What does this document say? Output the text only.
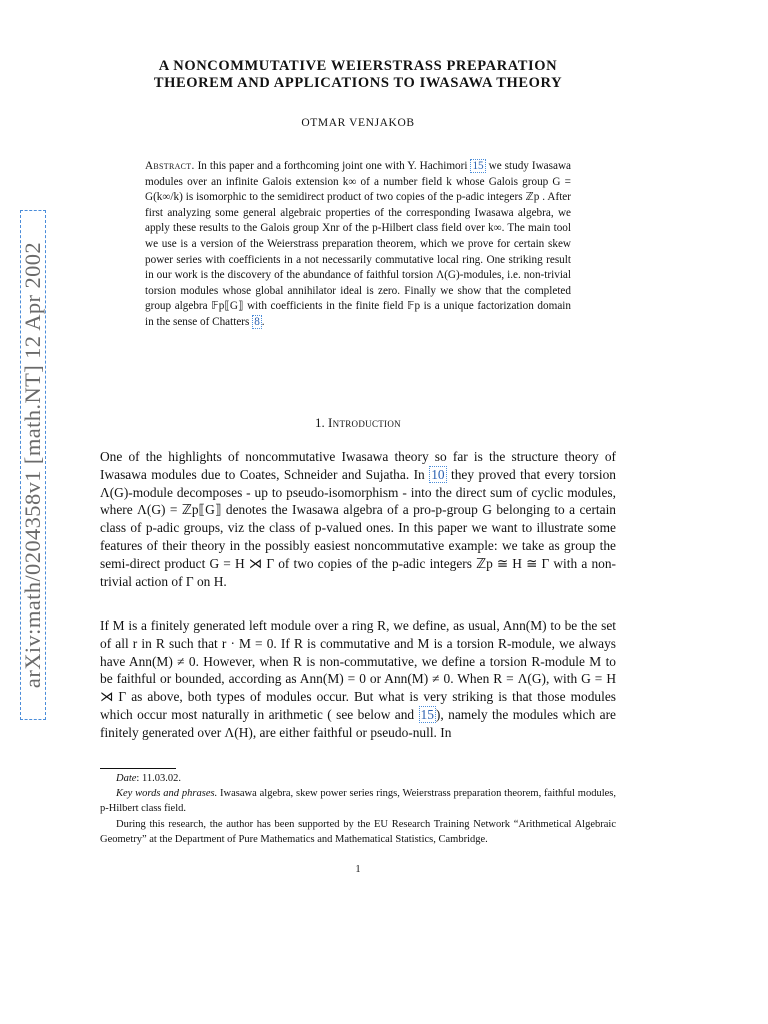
arXiv:math/0204358v1 [math.NT] 12 Apr 2002
A NONCOMMUTATIVE WEIERSTRASS PREPARATION
THEOREM AND APPLICATIONS TO IWASAWA THEORY
OTMAR VENJAKOB
Abstract. In this paper and a forthcoming joint one with Y. Hachimori 15 we study Iwasawa modules over an infinite Galois extension k∞ of a number field k whose Galois group G = G(k∞/k) is isomorphic to the semidirect product of two copies of the p-adic integers ℤp . After first analyzing some general algebraic properties of the corresponding Iwasawa algebra, we apply these results to the Galois group Xnr of the p-Hilbert class field over k∞. The main tool we use is a version of the Weierstrass preparation theorem, which we prove for certain skew power series with coefficients in a not necessarily commutative local ring. One striking result in our work is the discovery of the abundance of faithful torsion Λ(G)-modules, i.e. non-trivial torsion modules whose global annihilator ideal is zero. Finally we show that the completed group algebra 𝔽p⟦G⟧ with coefficients in the finite field 𝔽p is a unique factorization domain in the sense of Chatters 8 .
1. Introduction

One of the highlights of noncommutative Iwasawa theory so far is the structure theory of Iwasawa modules due to Coates, Schneider and Sujatha. In 10 they proved that every torsion Λ(G)-module decomposes - up to pseudo-isomorphism - into the direct sum of cyclic modules, where Λ(G) = ℤp⟦G⟧ denotes the Iwasawa algebra of a pro-p-group G belonging to a certain class of p-adic groups, viz the class of p-valued ones. In this paper we want to illustrate some features of their theory in the possibly easiest noncommutative example: we take as group the semi-direct product G = H ⋊ Γ of two copies of the p-adic integers ℤp ≅ H ≅ Γ with a non-trivial action of Γ on H.

If M is a finitely generated left module over a ring R, we define, as usual, Ann(M) to be the set of all r in R such that r · M = 0. If R is commutative and M is a torsion R-module, we always have Ann(M) ≠ 0. However, when R is non-commutative, we define a torsion R-module M to be faithful or bounded, according as Ann(M) = 0 or Ann(M) ≠ 0. When R = Λ(G), with G = H ⋊ Γ as above, both types of modules occur. But what is very striking is that those modules which occur most naturally in arithmetic ( see below and 15 ), namely the modules which are finitely generated over Λ(H), are either faithful or pseudo-null. In

Date: 11.03.02.

Key words and phrases. Iwasawa algebra, skew power series rings, Weierstrass preparation theorem, faithful modules, p-Hilbert class field.

During this research, the author has been supported by the EU Research Training Network “Arithmetical Algebraic Geometry” at the Department of Pure Mathematics and Mathematical Statistics, Cambridge.

1
